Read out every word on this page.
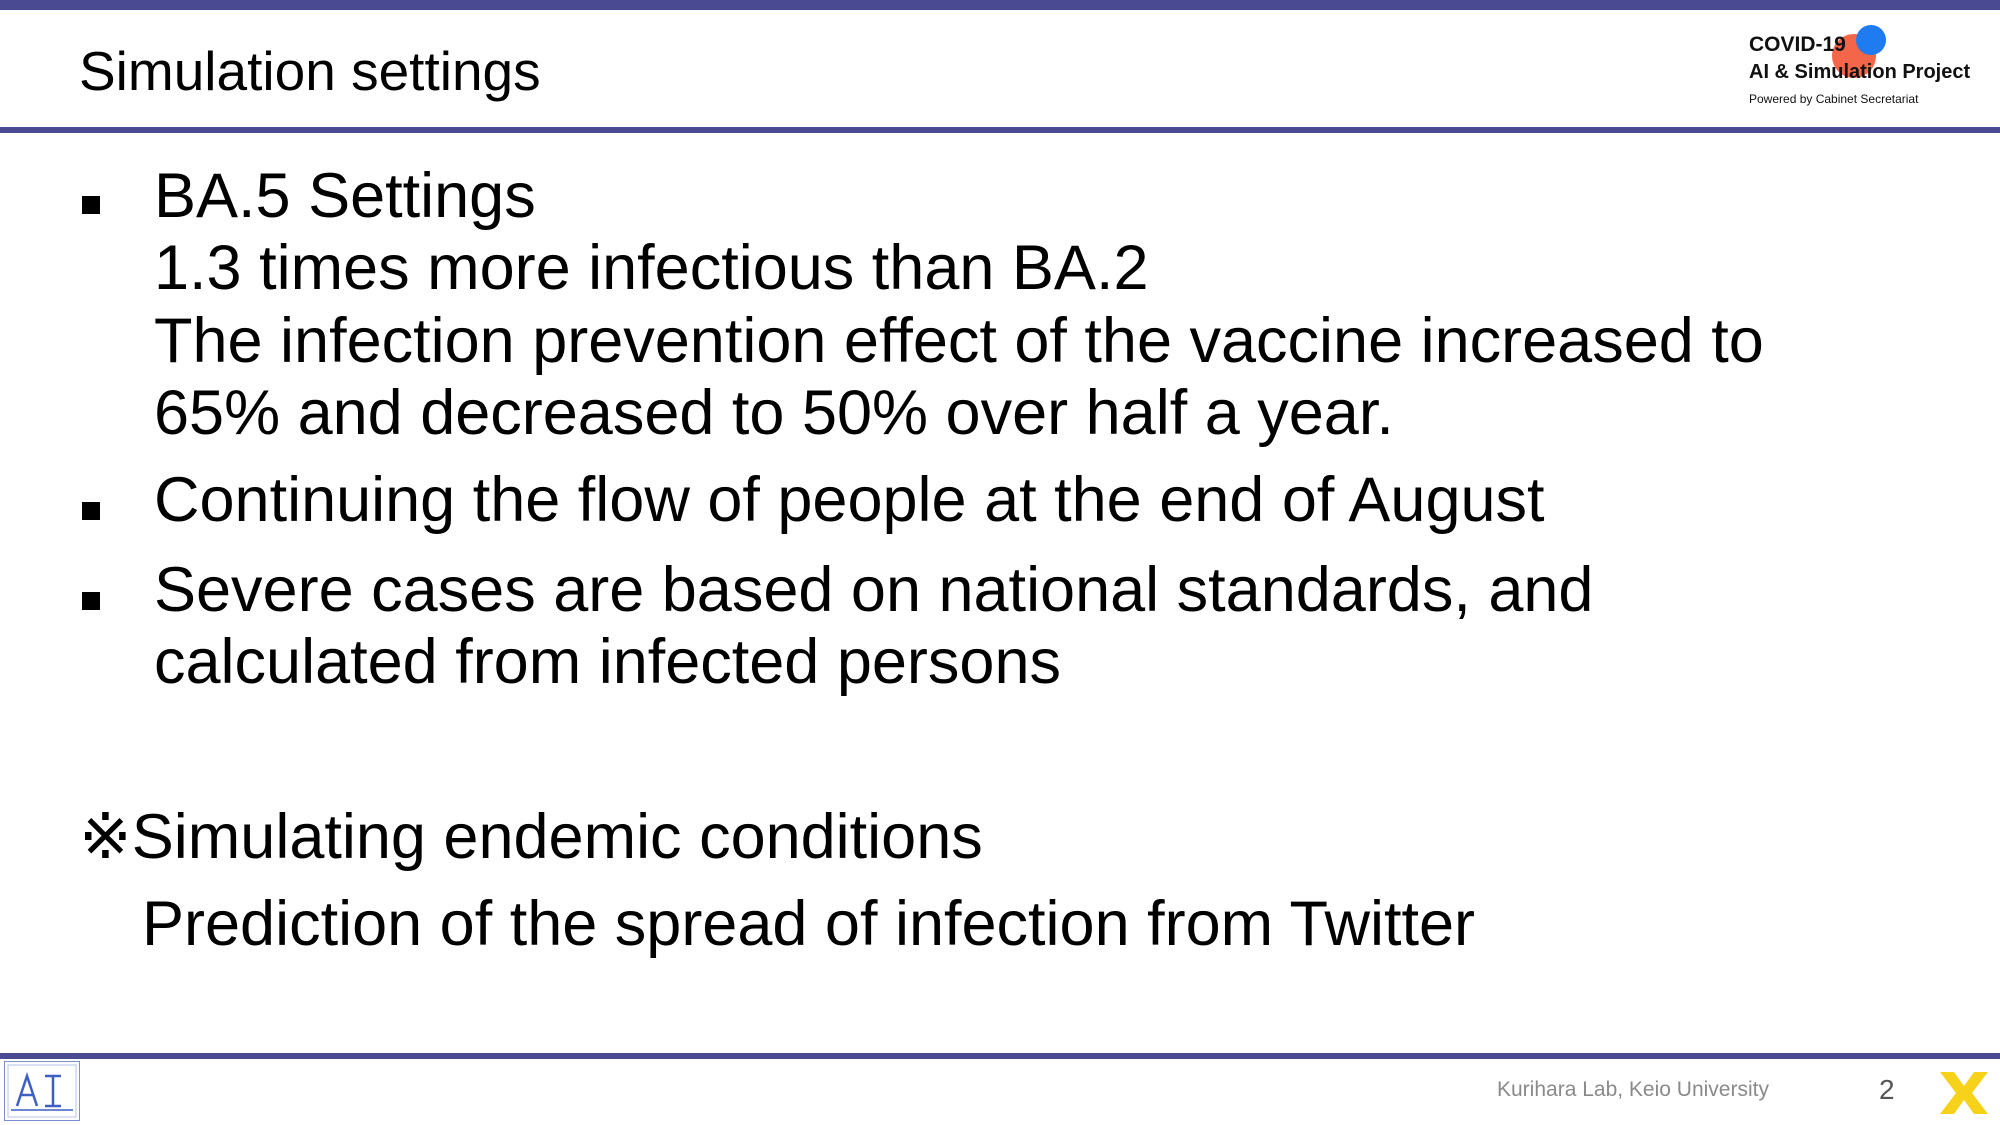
Simulation settings	COVID-19
AI & Simulation Project
Powered by Cabinet Secretariat
BA.5 Settings
1.3 times more infectious than BA.2
The infection prevention effect of the vaccine increased to
65% and decreased to 50% over half a year.
Continuing the flow of people at the end of August
Severe cases are based on national standards, and
calculated from infected persons
※Simulating endemic conditions
Prediction of the spread of infection from Twitter
Kurihara Lab, Keio University	2
